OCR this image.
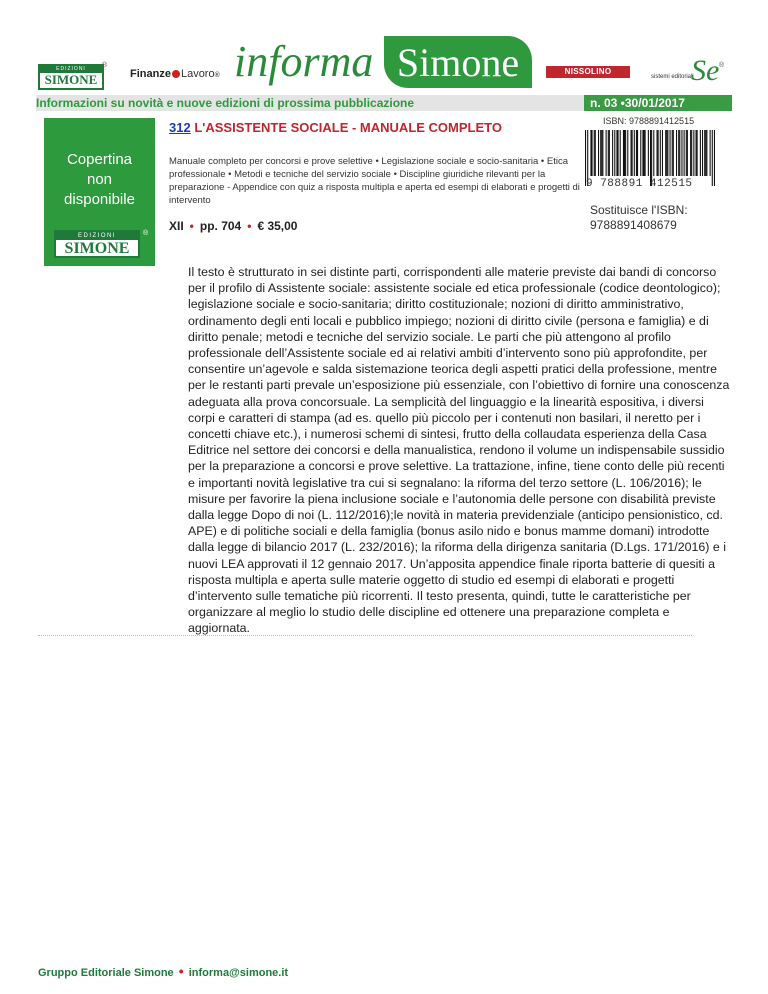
EDIZIONI
SIMONE
®
Finanze Lavoro® informa Simone	NISSOLINO EDITORE
sistemi editoriali
Se ®
Informazioni su novità e nuove edizioni di prossima pubblicazione	n. 03 •30/01/2017
Copertina
non
disponibile
EDIZIONI
SIMONE
®
312 L'ASSISTENTE SOCIALE - MANUALE COMPLETO
Manuale completo per concorsi e prove selettive • Legislazione sociale e socio-sanitaria • Etica professionale • Metodi e tecniche del servizio sociale • Discipline giuridiche rilevanti per la preparazione - Appendice con quiz a risposta multipla e aperta ed esempi di elaborati e progetti di intervento
XII • pp. 704 • € 35,00
ISBN: 9788891412515
9 788891 412515
Sostituisce l'ISBN:
9788891408679
Il testo è strutturato in sei distinte parti, corrispondenti alle materie previste dai bandi di concorso per il profilo di Assistente sociale: assistente sociale ed etica professionale (codice deontologico); legislazione sociale e socio-sanitaria; diritto costituzionale; nozioni di diritto amministrativo, ordinamento degli enti locali e pubblico impiego; nozioni di diritto civile (persona e famiglia) e di diritto penale; metodi e tecniche del servizio sociale. Le parti che più attengono al profilo professionale dell’Assistente sociale ed ai relativi ambiti d’intervento sono più approfondite, per consentire un’agevole e salda sistemazione teorica degli aspetti pratici della professione, mentre per le restanti parti prevale un’esposizione più essenziale, con l’obiettivo di fornire una conoscenza adeguata alla prova concorsuale. La semplicità del linguaggio e la linearità espositiva, i diversi corpi e caratteri di stampa (ad es. quello più piccolo per i contenuti non basilari, il neretto per i concetti chiave etc.), i numerosi schemi di sintesi, frutto della collaudata esperienza della Casa Editrice nel settore dei concorsi e della manualistica, rendono il volume un indispensabile sussidio per la preparazione a concorsi e prove selettive. La trattazione, infine, tiene conto delle più recenti e importanti novità legislative tra cui si segnalano: la riforma del terzo settore (L. 106/2016); le misure per favorire la piena inclusione sociale e l’autonomia delle persone con disabilità previste dalla legge Dopo di noi (L. 112/2016);le novità in materia previdenziale (anticipo pensionistico, cd. APE) e di politiche sociali e della famiglia (bonus asilo nido e bonus mamme domani) introdotte dalla legge di bilancio 2017 (L. 232/2016); la riforma della dirigenza sanitaria (D.Lgs. 171/2016) e i nuovi LEA approvati il 12 gennaio 2017. Un’apposita appendice finale riporta batterie di quesiti a risposta multipla e aperta sulle materie oggetto di studio ed esempi di elaborati e progetti d’intervento sulle tematiche più ricorrenti. Il testo presenta, quindi, tutte le caratteristiche per organizzare al meglio lo studio delle discipline ed ottenere una preparazione completa e aggiornata.
Gruppo Editoriale Simone • informa@simone.it
